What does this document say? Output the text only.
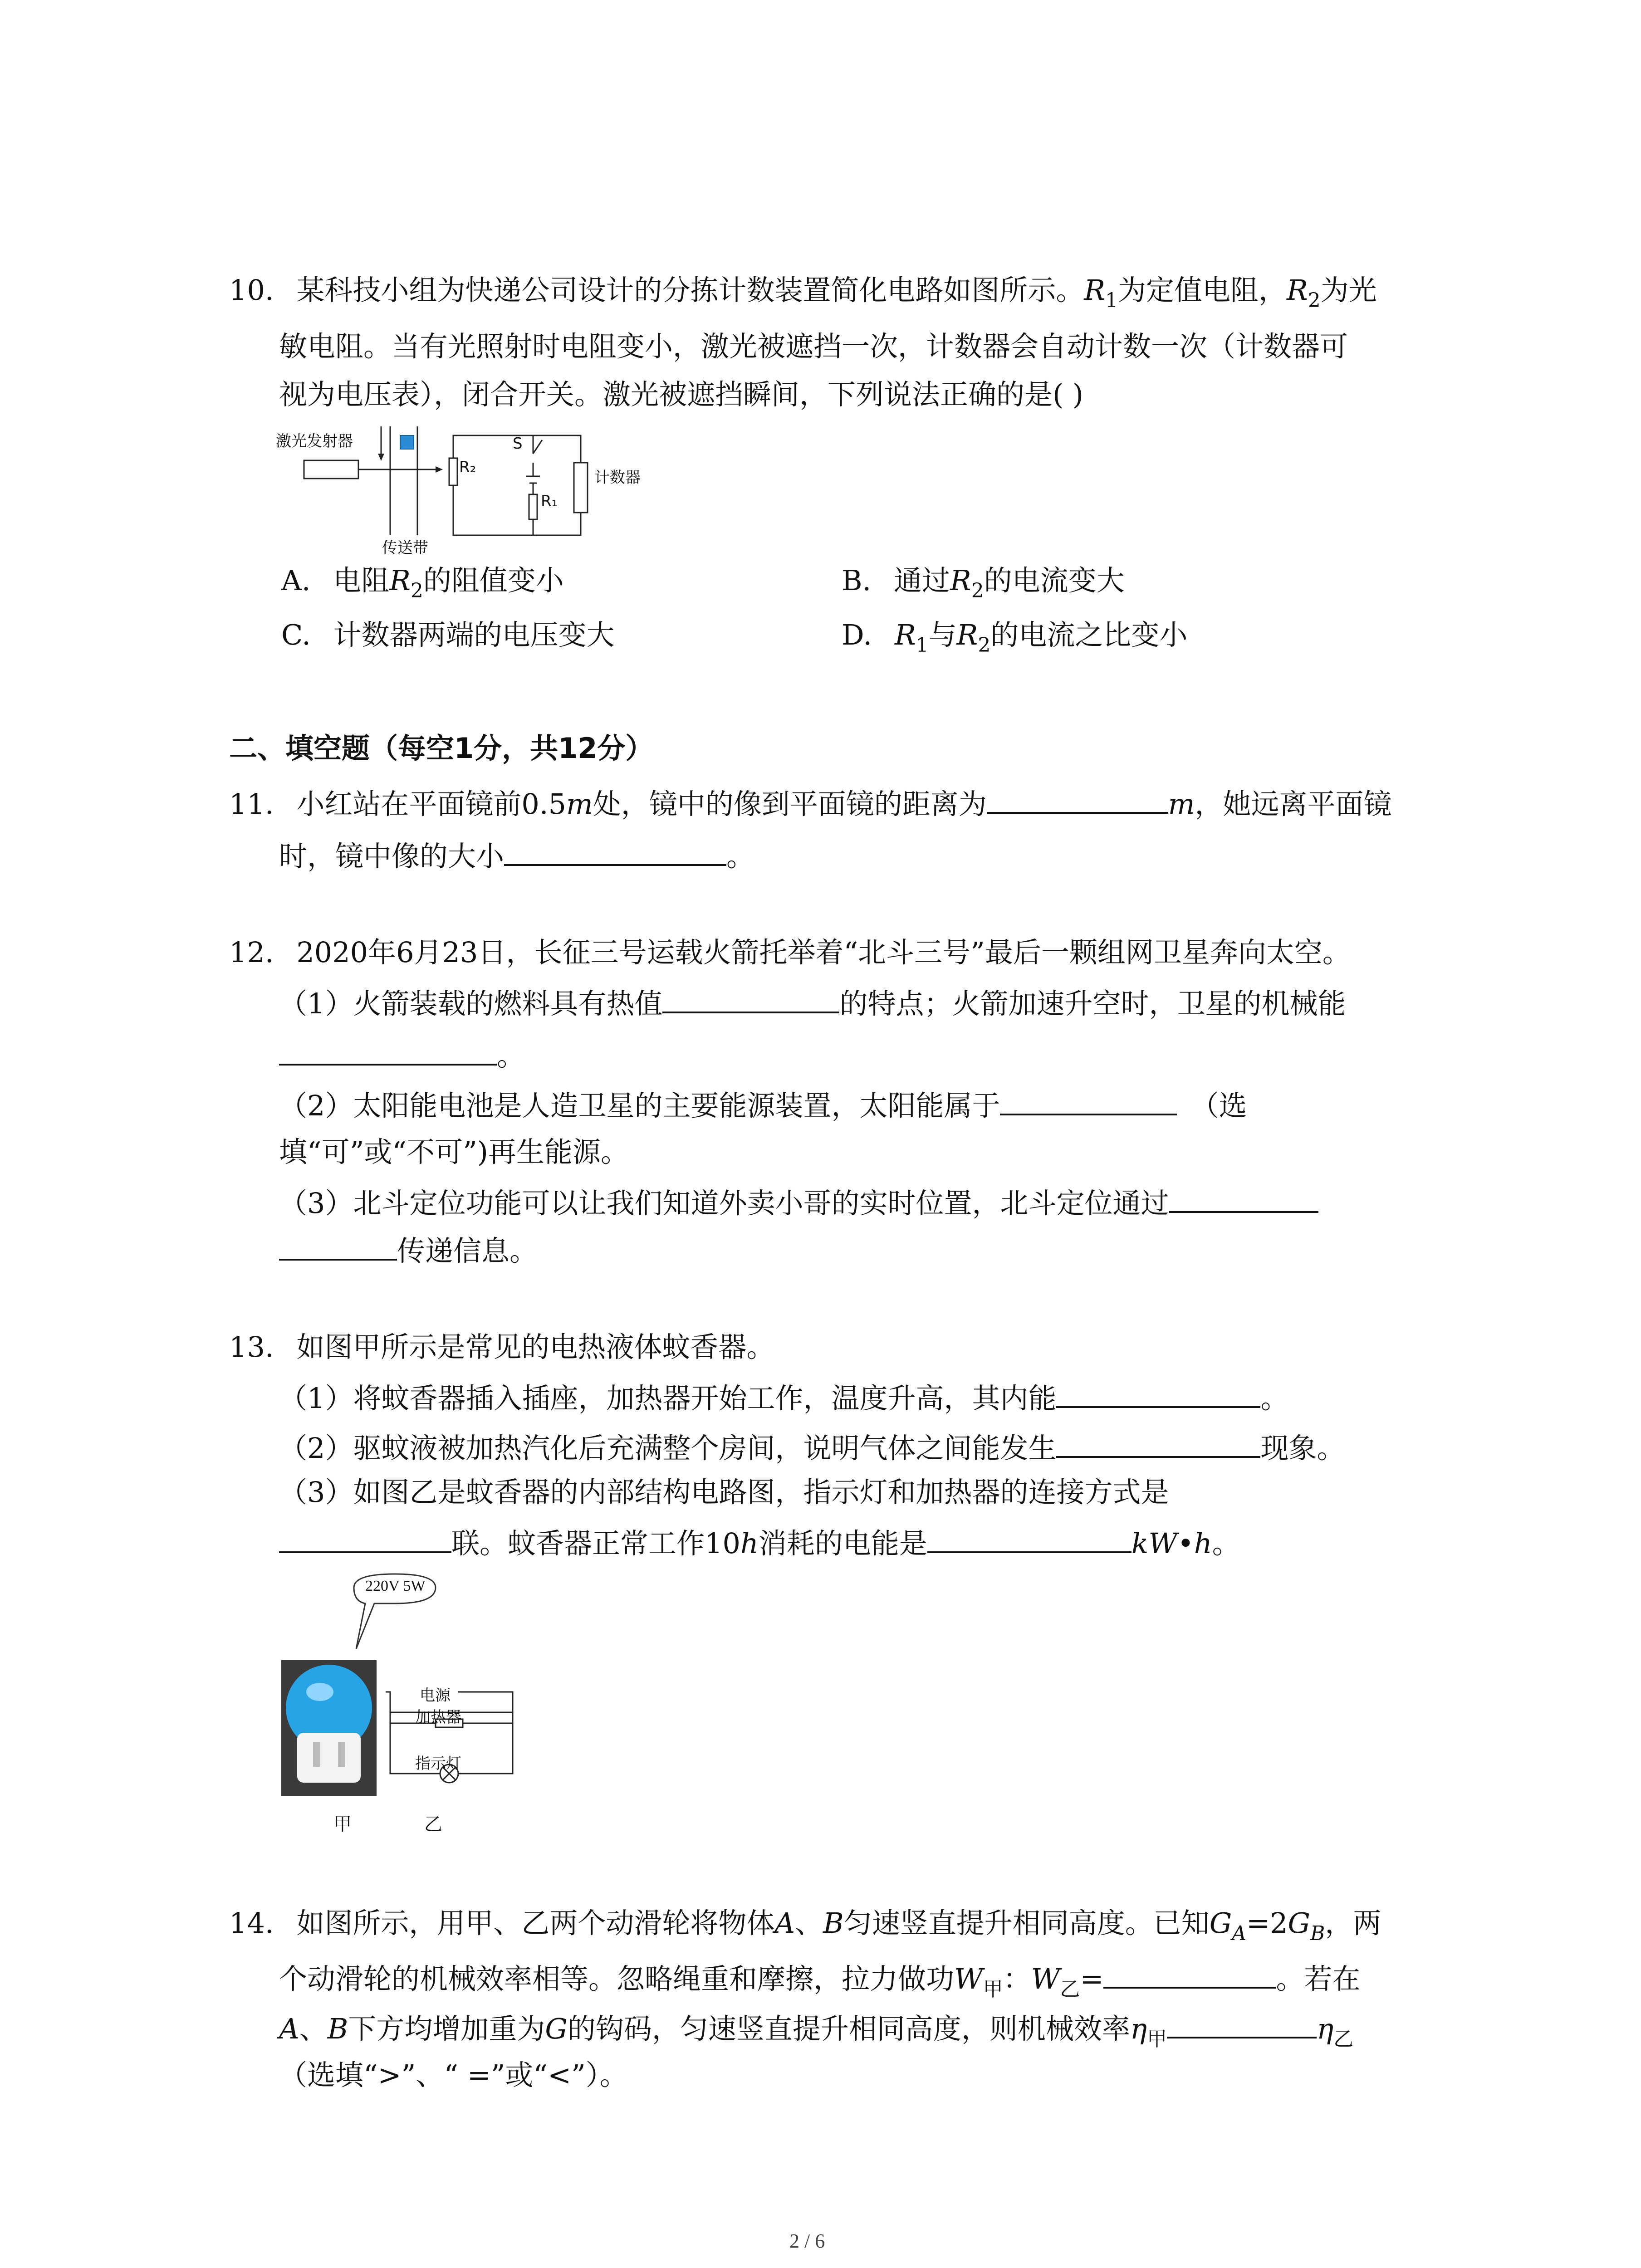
10. 某科技小组为快递公司设计的分拣计数装置简化电路如图所示。$R_1$为定值电阻，$R_2$为光
敏电阻。当有光照射时电阻变小，激光被遮挡一次，计数器会自动计数一次（计数器可
视为电压表），闭合开关。激光被遮挡瞬间，下列说法正确的是( )
激光发射器
传送带
R₂
S
R₁
计数器
A. 电阻$R_2$的阻值变小	B. 通过$R_2$的电流变大
C. 计数器两端的电压变大	D. $R_1$与$R_2$的电流之比变小
二、填空题（每空1分，共12分）
11. 小红站在平面镜前0.5m处，镜中的像到平面镜的距离为	m，她远离平面镜
时，镜中像的大小	。
12. 2020年6月23日，长征三号运载火箭托举着“北斗三号”最后一颗组网卫星奔向太空。
（1）火箭装载的燃料具有热值	的特点；火箭加速升空时，卫星的机械能
。
（2）太阳能电池是人造卫星的主要能源装置，太阳能属于	（选
填“可”或“不可”)再生能源。
（3）北斗定位功能可以让我们知道外卖小哥的实时位置，北斗定位通过
传递信息。
13. 如图甲所示是常见的电热液体蚊香器。
（1）将蚊香器插入插座，加热器开始工作，温度升高，其内能	。
（2）驱蚊液被加热汽化后充满整个房间，说明气体之间能发生	现象。
（3）如图乙是蚊香器的内部结构电路图，指示灯和加热器的连接方式是
联。蚊香器正常工作10h消耗的电能是	kW•h。
220V 5W
电源
加热器
指示灯
甲	乙
14. 如图所示，用甲、乙两个动滑轮将物体A、B匀速竖直提升相同高度。已知$G_A=2G_B$，两
个动滑轮的机械效率相等。忽略绳重和摩擦，拉力做功$W_甲$：$W_乙=$	。若在
A、B下方均增加重为G的钩码，匀速竖直提升相同高度，则机械效率$\eta_甲$	$\eta_乙$
（选填“>”、“ =”或“<”）。
2 / 6
